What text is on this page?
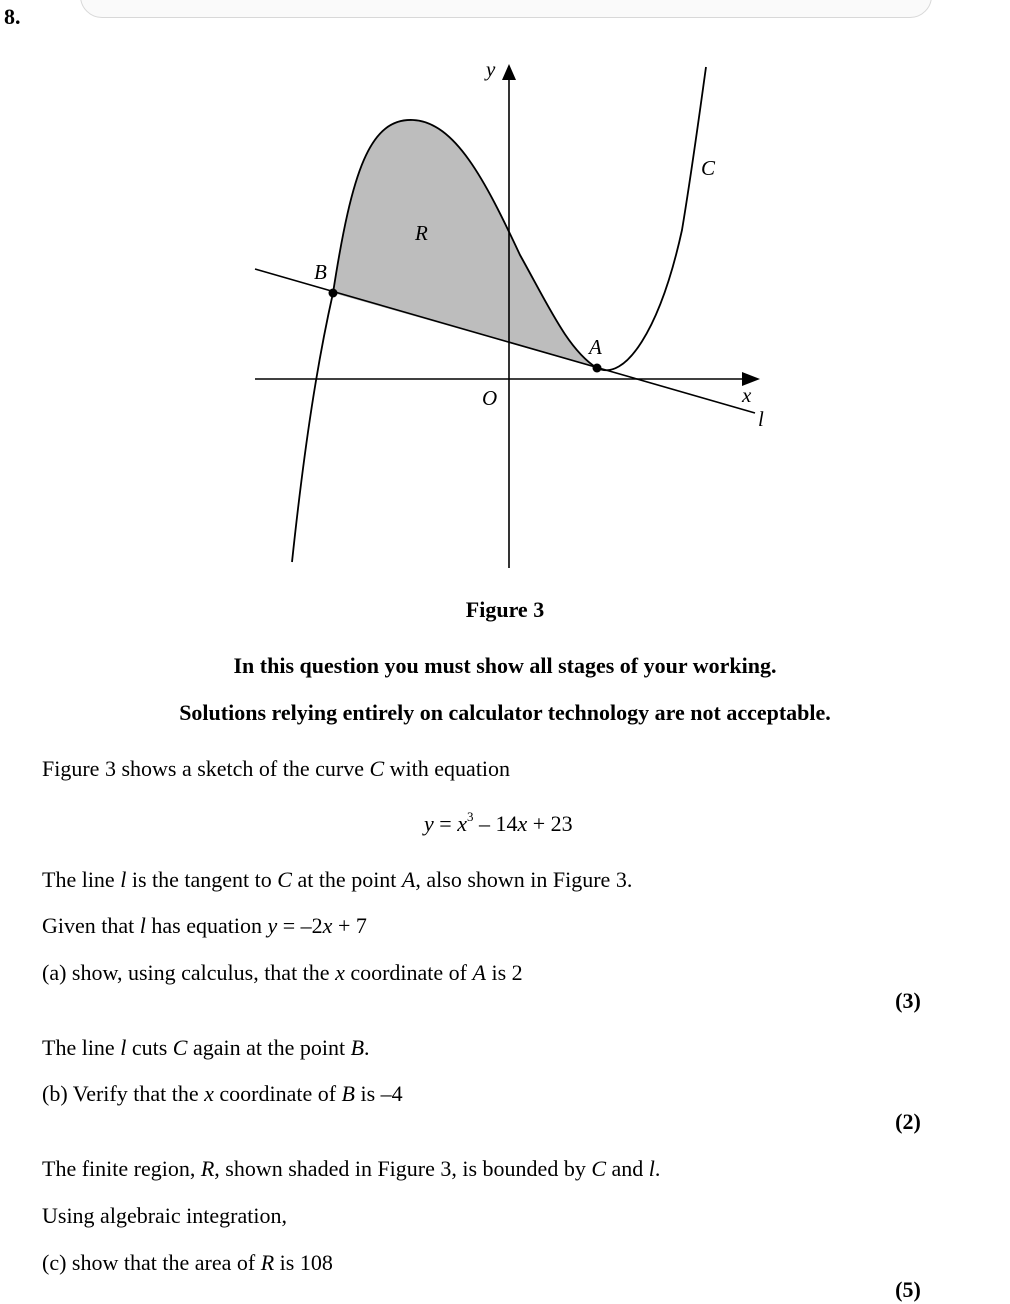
8.
y
x
O
C
R
B
A
l
Figure 3
In this question you must show all stages of your working.
Solutions relying entirely on calculator technology are not acceptable.
Figure 3 shows a sketch of the curve C with equation
$y = x^3 - 14x + 23$
The line l is the tangent to C at the point A, also shown in Figure 3.
Given that l has equation y = –2x + 7
(a) show, using calculus, that the x coordinate of A is 2
(3)
The line l cuts C again at the point B.
(b) Verify that the x coordinate of B is –4
(2)
The finite region, R, shown shaded in Figure 3, is bounded by C and l.
Using algebraic integration,
(c) show that the area of R is 108
(5)
